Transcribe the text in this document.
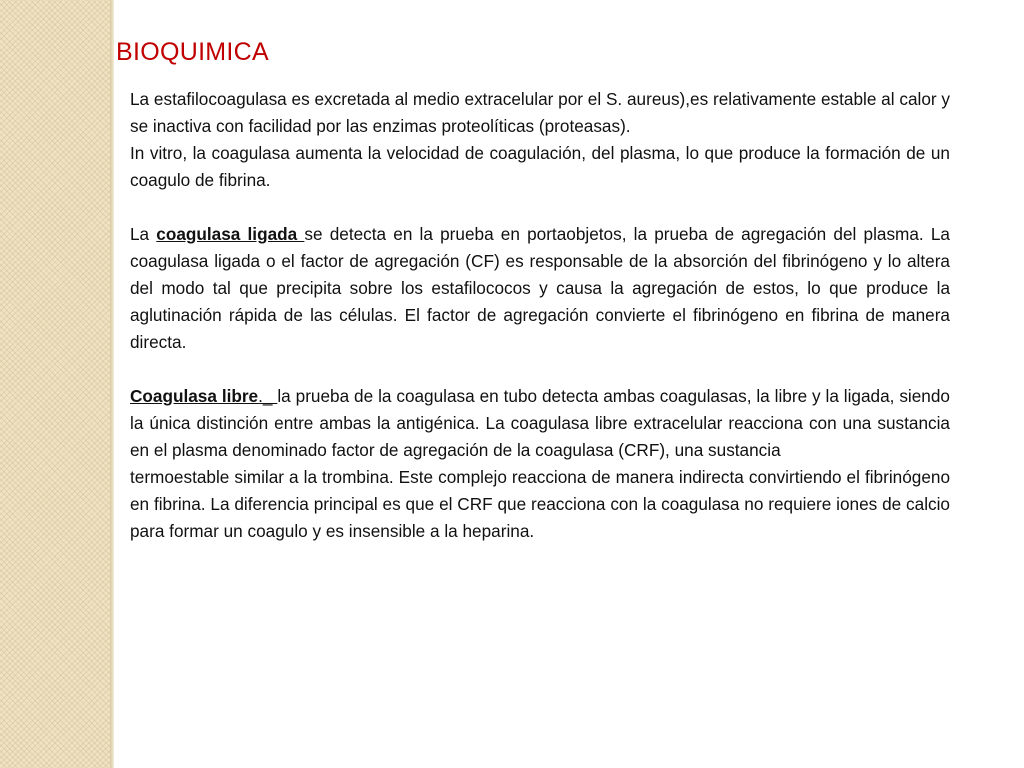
BIOQUIMICA

La estafilocoagulasa es excretada al medio extracelular por el S. aureus),es relativamente estable al calor y se inactiva con facilidad por las enzimas proteolíticas (proteasas).

In vitro, la coagulasa aumenta la velocidad de coagulación, del plasma, lo que produce la formación de un coagulo de fibrina.

La coagulasa ligada se detecta en la prueba en portaobjetos, la prueba de agregación del plasma. La coagulasa ligada o el factor de agregación (CF) es responsable de la absorción del fibrinógeno y lo altera del modo tal que precipita sobre los estafilococos y causa la agregación de estos, lo que produce la aglutinación rápida de las células. El factor de agregación convierte el fibrinógeno en fibrina de manera directa.

Coagulasa libre._ la prueba de la coagulasa en tubo detecta ambas coagulasas, la libre y la ligada, siendo la única distinción entre ambas la antigénica. La coagulasa libre extracelular reacciona con una sustancia en el plasma denominado factor de agregación de la coagulasa (CRF), una sustancia

termoestable similar a la trombina. Este complejo reacciona de manera indirecta convirtiendo el fibrinógeno en fibrina. La diferencia principal es que el CRF que reacciona con la coagulasa no requiere iones de calcio para formar un coagulo y es insensible a la heparina.
